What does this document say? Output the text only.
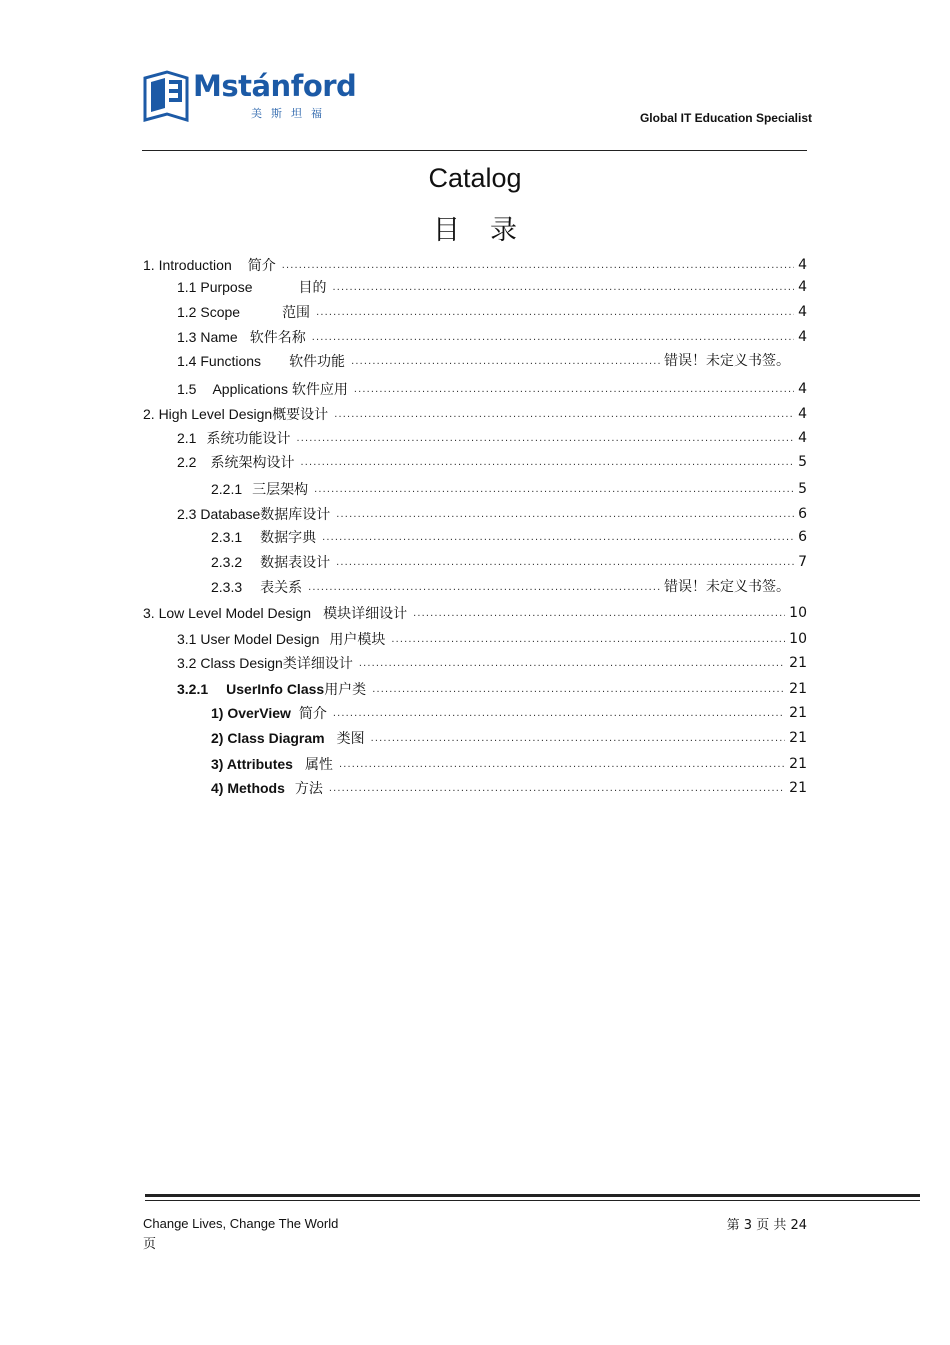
Mstánford
美斯坦福	Global IT Education Specialist
Catalog
目录
1. Introduction 简介 .....	4
1.1 Purpose	目的 .....	4
1.2 Scope	范围 .....	4
1.3 Name 软件名称 .....	4
1.4 Functions 软件功能 .....	错误！未定义书签。
1.5 Applications 软件应用 .....	4
2. High Level Design 概要设计 .....	4
2.1 系统功能设计 .....	4
2.2 系统架构设计 .....	5
2.2.1 三层架构 .....	5
2.3 Database 数据库设计 .....	6
2.3.1 数据字典 .....	6
2.3.2 数据表设计 .....	7
2.3.3 表关系 .....	错误！未定义书签。
3. Low Level Model Design 模块详细设计 .....	10
3.1 User Model Design 用户模块 .....	10
3.2 Class Design 类详细设计 .....	21
3.2.1 UserInfo Class用户类 .....	21
1) OverView 简介 .....	21
2) Class Diagram 类图 .....	21
3) Attributes 属性 .....	21
4) Methods 方法 .....	21
Change Lives, Change The World	第 3 页 共 24
页
